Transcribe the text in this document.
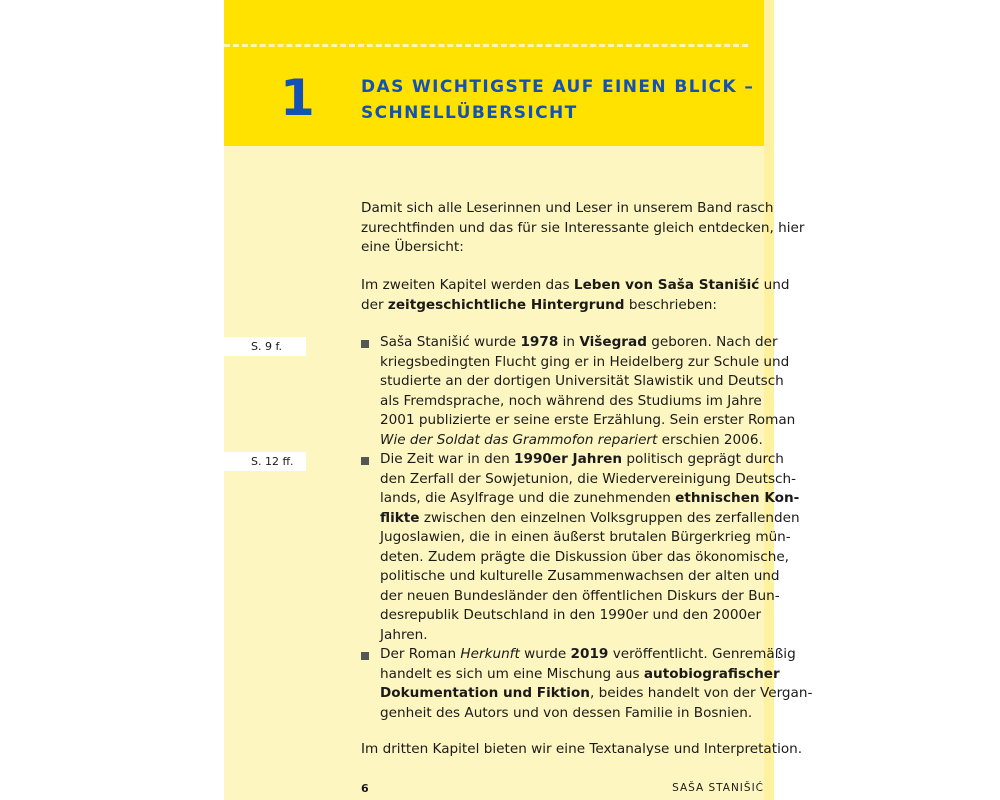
1	DAS WICHTIGSTE AUF EINEN BLICK –
SCHNELLÜBERSICHT
Damit sich alle Leserinnen und Leser in unserem Band rasch
zurechtfinden und das für sie Interessante gleich entdecken, hier
eine Übersicht:
Im zweiten Kapitel werden das Leben von Saša Stanišić und
der zeitgeschichtliche Hintergrund beschrieben:
S. 9 f.
S. 12 ff.
Saša Stanišić wurde 1978 in Višegrad geboren. Nach der
kriegsbedingten Flucht ging er in Heidelberg zur Schule und
studierte an der dortigen Universität Slawistik und Deutsch
als Fremdsprache, noch während des Studiums im Jahre
2001 publizierte er seine erste Erzählung. Sein erster Roman
Wie der Soldat das Grammofon repariert erschien 2006.
Die Zeit war in den 1990er Jahren politisch geprägt durch
den Zerfall der Sowjetunion, die Wiedervereinigung Deutsch-
lands, die Asylfrage und die zunehmenden ethnischen Kon-
flikte zwischen den einzelnen Volksgruppen des zerfallenden
Jugoslawien, die in einen äußerst brutalen Bürgerkrieg mün-
deten. Zudem prägte die Diskussion über das ökonomische,
politische und kulturelle Zusammenwachsen der alten und
der neuen Bundesländer den öffentlichen Diskurs der Bun-
desrepublik Deutschland in den 1990er und den 2000er
Jahren.
Der Roman Herkunft wurde 2019 veröffentlicht. Genremäßig
handelt es sich um eine Mischung aus autobiografischer
Dokumentation und Fiktion, beides handelt von der Vergan-
genheit des Autors und von dessen Familie in Bosnien.
Im dritten Kapitel bieten wir eine Textanalyse und Interpretation.
6	SAŠA STANIŠIĆ
